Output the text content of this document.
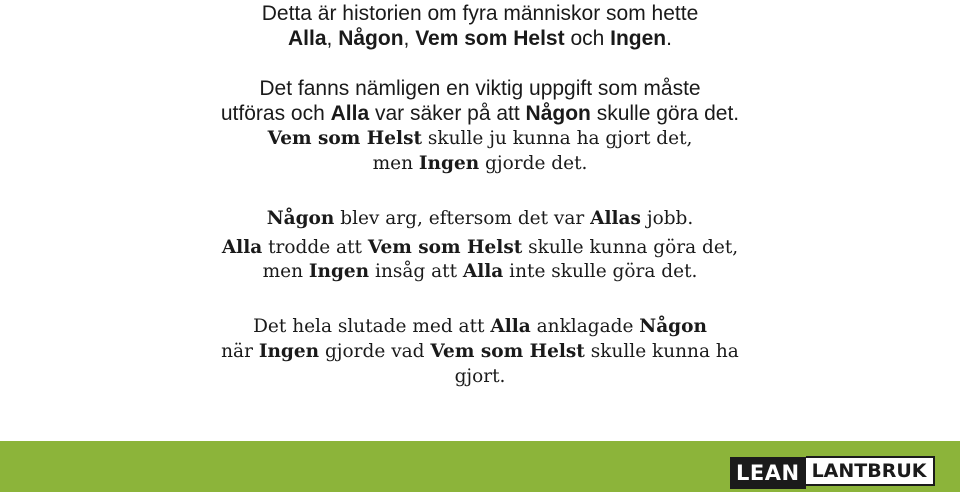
Detta är historien om fyra människor som hette
Alla, Någon, Vem som Helst och Ingen.
Det fanns nämligen en viktig uppgift som måste
utföras och Alla var säker på att Någon skulle göra det.
Vem som Helst skulle ju kunna ha gjort det,
men Ingen gjorde det.
Någon blev arg, eftersom det var Allas jobb.
Alla trodde att Vem som Helst skulle kunna göra det,
men Ingen insåg att Alla inte skulle göra det.
Det hela slutade med att Alla anklagade Någon
när Ingen gjorde vad Vem som Helst skulle kunna ha
gjort.
LEAN LANTBRUK
